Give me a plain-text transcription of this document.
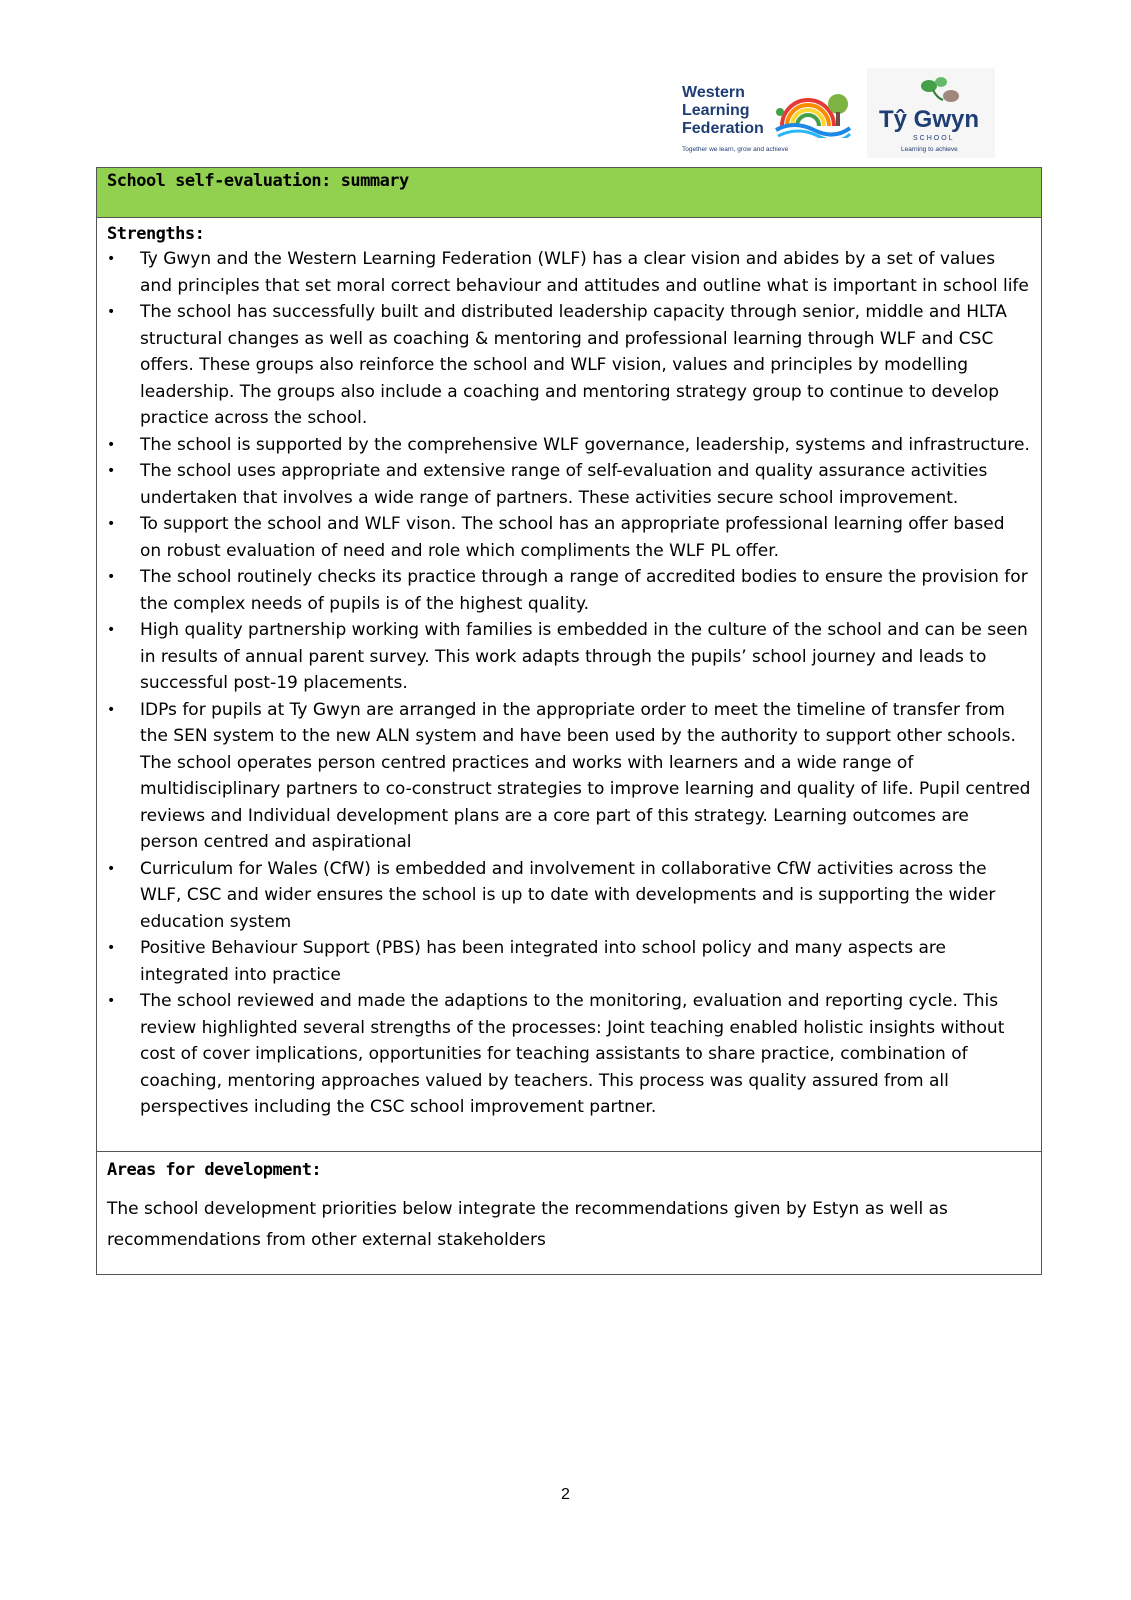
Western
Learning
Federation
Together we learn, grow and achieve
Tŷ Gwyn
SCHOOL
Learning to achieve
School self-evaluation: summary
Strengths:
• Ty Gwyn and the Western Learning Federation (WLF) has a clear vision and abides by a set of values and principles that set moral correct behaviour and attitudes and outline what is important in school life
• The school has successfully built and distributed leadership capacity through senior, middle and HLTA structural changes as well as coaching & mentoring and professional learning through WLF and CSC offers. These groups also reinforce the school and WLF vision, values and principles by modelling leadership. The groups also include a coaching and mentoring strategy group to continue to develop practice across the school.
• The school is supported by the comprehensive WLF governance, leadership, systems and infrastructure.
• The school uses appropriate and extensive range of self-evaluation and quality assurance activities undertaken that involves a wide range of partners. These activities secure school improvement.
• To support the school and WLF vison. The school has an appropriate professional learning offer based on robust evaluation of need and role which compliments the WLF PL offer.
• The school routinely checks its practice through a range of accredited bodies to ensure the provision for the complex needs of pupils is of the highest quality.
• High quality partnership working with families is embedded in the culture of the school and can be seen in results of annual parent survey. This work adapts through the pupils’ school journey and leads to successful post-19 placements.
• IDPs for pupils at Ty Gwyn are arranged in the appropriate order to meet the timeline of transfer from the SEN system to the new ALN system and have been used by the authority to support other schools. The school operates person centred practices and works with learners and a wide range of multidisciplinary partners to co-construct strategies to improve learning and quality of life. Pupil centred reviews and Individual development plans are a core part of this strategy. Learning outcomes are person centred and aspirational
• Curriculum for Wales (CfW) is embedded and involvement in collaborative CfW activities across the WLF, CSC and wider ensures the school is up to date with developments and is supporting the wider education system
• Positive Behaviour Support (PBS) has been integrated into school policy and many aspects are integrated into practice
• The school reviewed and made the adaptions to the monitoring, evaluation and reporting cycle. This review highlighted several strengths of the processes: Joint teaching enabled holistic insights without cost of cover implications, opportunities for teaching assistants to share practice, combination of coaching, mentoring approaches valued by teachers. This process was quality assured from all perspectives including the CSC school improvement partner.
Areas for development:

The school development priorities below integrate the recommendations given by Estyn as well as recommendations from other external stakeholders

2
